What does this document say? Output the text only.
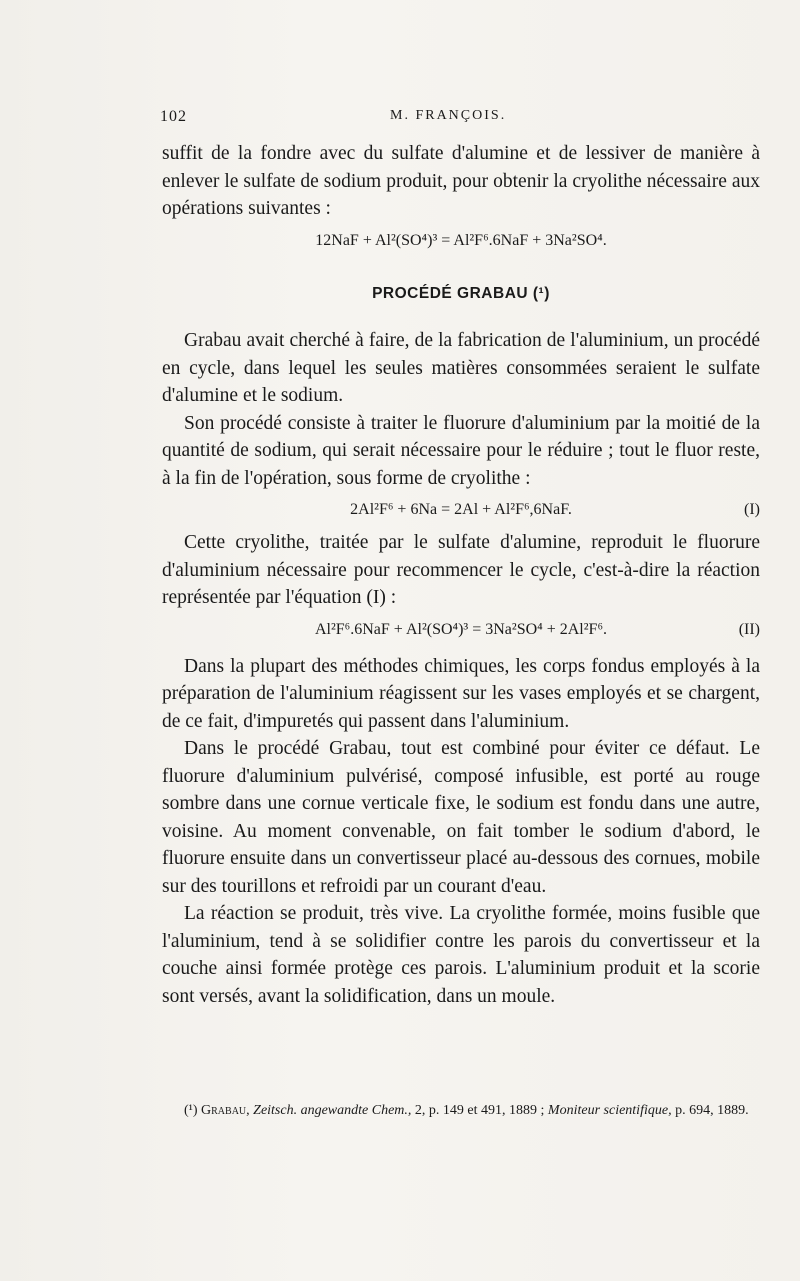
102	M. FRANÇOIS.

suffit de la fondre avec du sulfate d'alumine et de lessiver de manière à enlever le sulfate de sodium produit, pour obtenir la cryolithe nécessaire aux opérations suivantes :

12NaF + Al²(SO⁴)³ = Al²F⁶.6NaF + 3Na²SO⁴.
PROCÉDÉ GRABAU (¹)

Grabau avait cherché à faire, de la fabrication de l'aluminium, un procédé en cycle, dans lequel les seules matières consommées seraient le sulfate d'alumine et le sodium.

Son procédé consiste à traiter le fluorure d'aluminium par la moitié de la quantité de sodium, qui serait nécessaire pour le réduire ; tout le fluor reste, à la fin de l'opération, sous forme de cryolithe :

2Al²F⁶ + 6Na = 2Al + Al²F⁶,6NaF.	(I)

Cette cryolithe, traitée par le sulfate d'alumine, reproduit le fluorure d'aluminium nécessaire pour recommencer le cycle, c'est-à-dire la réaction représentée par l'équation (I) :

Al²F⁶.6NaF + Al²(SO⁴)³ = 3Na²SO⁴ + 2Al²F⁶.	(II)

Dans la plupart des méthodes chimiques, les corps fondus employés à la préparation de l'aluminium réagissent sur les vases employés et se chargent, de ce fait, d'impuretés qui passent dans l'aluminium.

Dans le procédé Grabau, tout est combiné pour éviter ce défaut. Le fluorure d'aluminium pulvérisé, composé infusible, est porté au rouge sombre dans une cornue verticale fixe, le sodium est fondu dans une autre, voisine. Au moment convenable, on fait tomber le sodium d'abord, le fluorure ensuite dans un convertisseur placé au-dessous des cornues, mobile sur des tourillons et refroidi par un courant d'eau.

La réaction se produit, très vive. La cryolithe formée, moins fusible que l'aluminium, tend à se solidifier contre les parois du convertisseur et la couche ainsi formée protège ces parois. L'aluminium produit et la scorie sont versés, avant la solidification, dans un moule.

(¹) Grabau, Zeitsch. angewandte Chem., 2, p. 149 et 491, 1889 ; Moniteur scientifique, p. 694, 1889.
